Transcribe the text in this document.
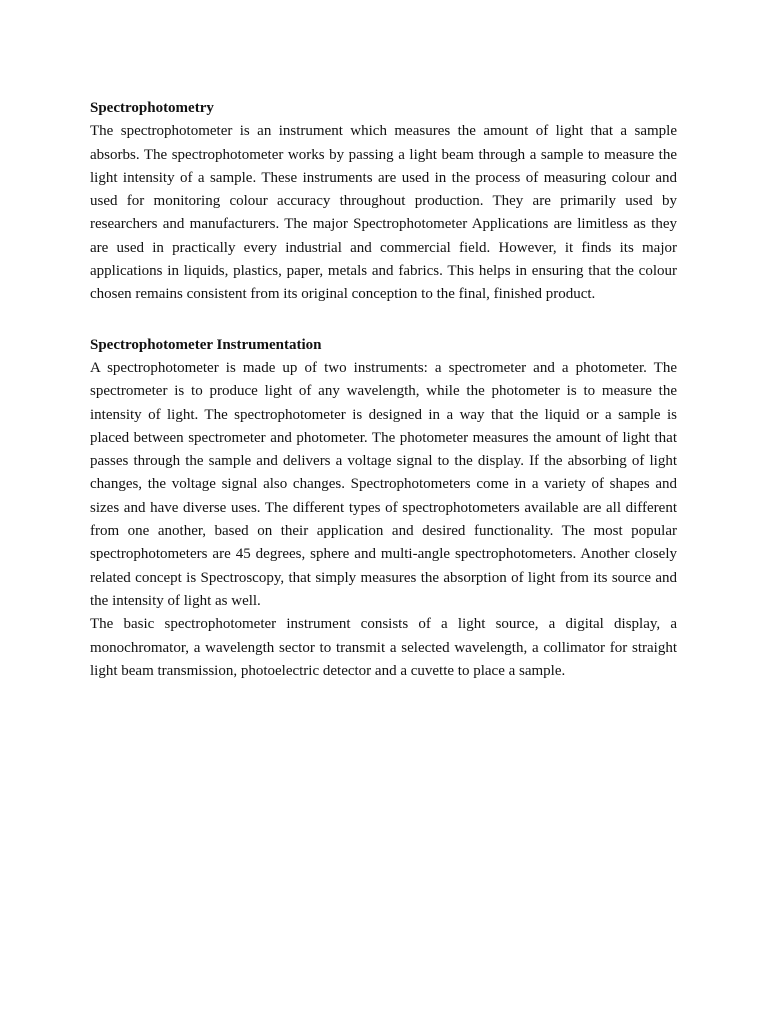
Spectrophotometry

The spectrophotometer is an instrument which measures the amount of light that a sample absorbs. The spectrophotometer works by passing a light beam through a sample to measure the light intensity of a sample. These instruments are used in the process of measuring colour and used for monitoring colour accuracy throughout production. They are primarily used by researchers and manufacturers. The major Spectrophotometer Applications are limitless as they are used in practically every industrial and commercial field. However, it finds its major applications in liquids, plastics, paper, metals and fabrics. This helps in ensuring that the colour chosen remains consistent from its original conception to the final, finished product.

Spectrophotometer Instrumentation

A spectrophotometer is made up of two instruments: a spectrometer and a photometer. The spectrometer is to produce light of any wavelength, while the photometer is to measure the intensity of light. The spectrophotometer is designed in a way that the liquid or a sample is placed between spectrometer and photometer. The photometer measures the amount of light that passes through the sample and delivers a voltage signal to the display. If the absorbing of light changes, the voltage signal also changes. Spectrophotometers come in a variety of shapes and sizes and have diverse uses. The different types of spectrophotometers available are all different from one another, based on their application and desired functionality. The most popular spectrophotometers are 45 degrees, sphere and multi-angle spectrophotometers. Another closely related concept is Spectroscopy, that simply measures the absorption of light from its source and the intensity of light as well.

The basic spectrophotometer instrument consists of a light source, a digital display, a monochromator, a wavelength sector to transmit a selected wavelength, a collimator for straight light beam transmission, photoelectric detector and a cuvette to place a sample.
